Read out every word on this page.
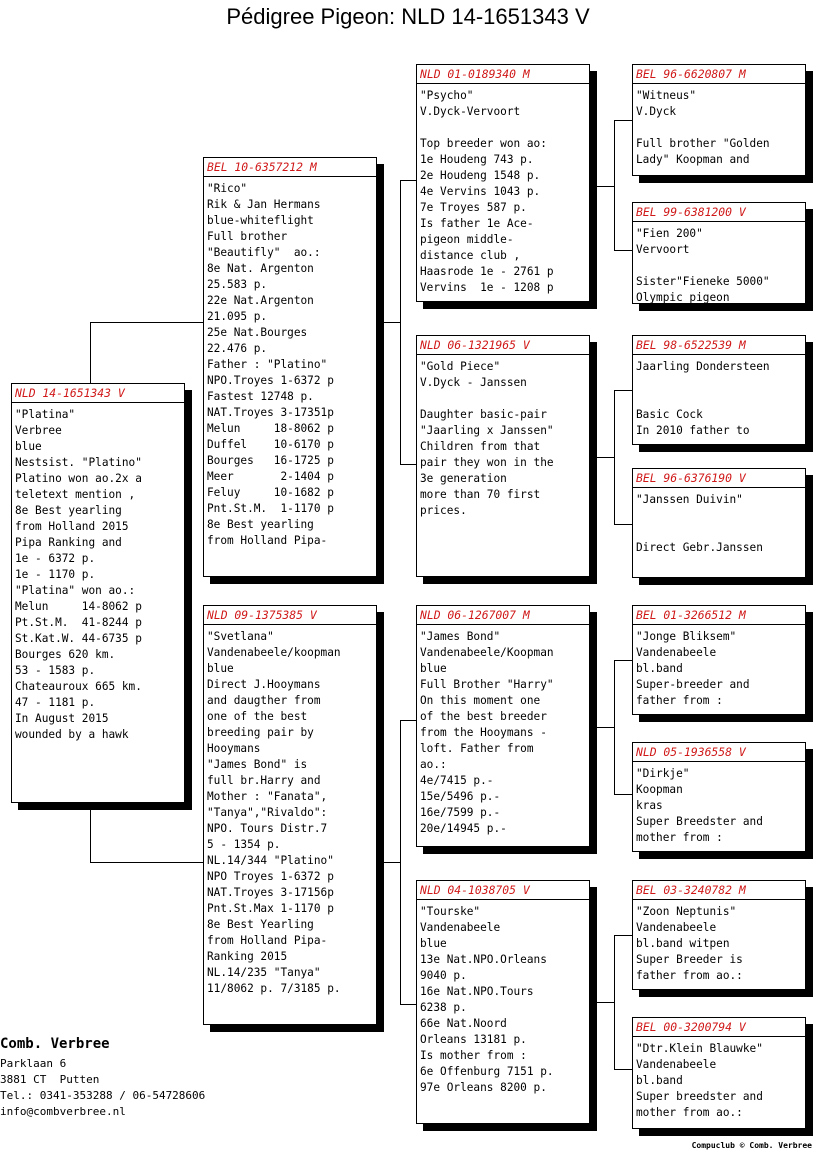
Pédigree Pigeon: NLD 14-1651343 V
NLD 14-1651343 V
"Platina"
Verbree
blue
Nestsist. "Platino"
Platino won ao.2x a
teletext mention ,
8e Best yearling
from Holland 2015
Pipa Ranking and
1e - 6372 p.
1e - 1170 p.
"Platina" won ao.:
Melun     14-8062 p
Pt.St.M.  41-8244 p
St.Kat.W. 44-6735 p
Bourges 620 km.
53 - 1583 p.
Chateauroux 665 km.
47 - 1181 p.
In August 2015
wounded by a hawk
BEL 10-6357212 M
"Rico"
Rik & Jan Hermans
blue-whiteflight
Full brother
"Beautifly"  ao.:
8e Nat. Argenton
25.583 p.
22e Nat.Argenton
21.095 p.
25e Nat.Bourges
22.476 p.
Father : "Platino"
NPO.Troyes 1-6372 p
Fastest 12748 p.
NAT.Troyes 3-17351p
Melun     18-8062 p
Duffel    10-6170 p
Bourges   16-1725 p
Meer       2-1404 p
Feluy     10-1682 p
Pnt.St.M.  1-1170 p
8e Best yearling
from Holland Pipa-
NLD 09-1375385 V
"Svetlana"
Vandenabeele/koopman
blue
Direct J.Hooymans
and daugther from
one of the best
breeding pair by
Hooymans
"James Bond" is
full br.Harry and
Mother : "Fanata",
"Tanya","Rivaldo":
NPO. Tours Distr.7
5 - 1354 p.
NL.14/344 "Platino"
NPO Troyes 1-6372 p
NAT.Troyes 3-17156p
Pnt.St.Max 1-1170 p
8e Best Yearling
from Holland Pipa-
Ranking 2015
NL.14/235 "Tanya"
11/8062 p. 7/3185 p.
NLD 01-0189340 M
"Psycho"
V.Dyck-Vervoort
Top breeder won ao:
1e Houdeng 743 p.
2e Houdeng 1548 p.
4e Vervins 1043 p.
7e Troyes 587 p.
Is father 1e Ace-
pigeon middle-
distance club ,
Haasrode 1e - 2761 p
Vervins  1e - 1208 p
NLD 06-1321965 V
"Gold Piece"
V.Dyck - Janssen
Daughter basic-pair
"Jaarling x Janssen"
Children from that
pair they won in the
3e generation
more than 70 first
prices.
NLD 06-1267007 M
"James Bond"
Vandenabeele/Koopman
blue
Full Brother "Harry"
On this moment one
of the best breeder
from the Hooymans -
loft. Father from
ao.:
4e/7415 p.-
15e/5496 p.-
16e/7599 p.-
20e/14945 p.-
NLD 04-1038705 V
"Tourske"
Vandenabeele
blue
13e Nat.NPO.Orleans
9040 p.
16e Nat.NPO.Tours
6238 p.
66e Nat.Noord
Orleans 13181 p.
Is mother from :
6e Offenburg 7151 p.
97e Orleans 8200 p.
BEL 96-6620807 M
"Witneus"
V.Dyck
Full brother "Golden
Lady" Koopman and
BEL 99-6381200 V
"Fien 200"
Vervoort
Sister"Fieneke 5000"
Olympic pigeon
BEL 98-6522539 M
Jaarling Dondersteen
Basic Cock
In 2010 father to
BEL 96-6376190 V
"Janssen Duivin"
Direct Gebr.Janssen
BEL 01-3266512 M
"Jonge Bliksem"
Vandenabeele
bl.band
Super-breeder and
father from :
NLD 05-1936558 V
"Dirkje"
Koopman
kras
Super Breedster and
mother from :
BEL 03-3240782 M
"Zoon Neptunis"
Vandenabeele
bl.band witpen
Super Breeder is
father from ao.:
BEL 00-3200794 V
"Dtr.Klein Blauwke"
Vandenabeele
bl.band
Super breedster and
mother from ao.:
Comb. Verbree
Parklaan 6
3881 CT  Putten
Tel.: 0341-353288 / 06-54728606
info@combverbree.nl
Compuclub © Comb. Verbree
